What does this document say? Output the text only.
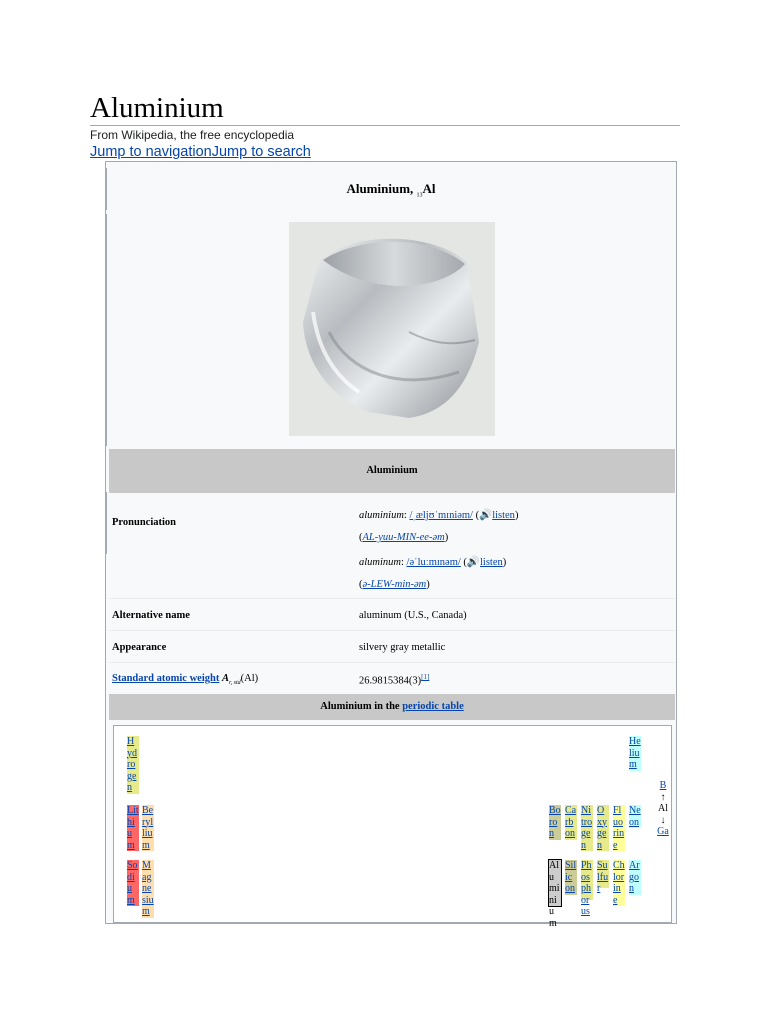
Aluminium
From Wikipedia, the free encyclopedia
Jump to navigationJump to search
Aluminium, $_{13}$Al
Aluminium
Pronunciation
aluminium: /ˌæljʊˈmɪniəm/ (🔊listen)
(AL-yuu-MIN-ee-əm)
aluminum: /əˈluːmɪnəm/ (🔊listen)
(ə-LEW-min-əm)
Alternative name	aluminum (U.S., Canada)
Appearance	silvery gray metallic
Standard atomic weight $A_{r, std}(Al)$	26.9815384(3)[1]
Aluminium in the periodic table
Hydrogen
Helium
Lithium
Beryllium
Boron
Carbon
Nitrogen
Oxygen
Fluorine
Neon
Sodium
Magnesium
Aluminium
Silicon
Phosphorus
Sulfur
Chlorine
Argon
B
↑
Al
↓
Ga
